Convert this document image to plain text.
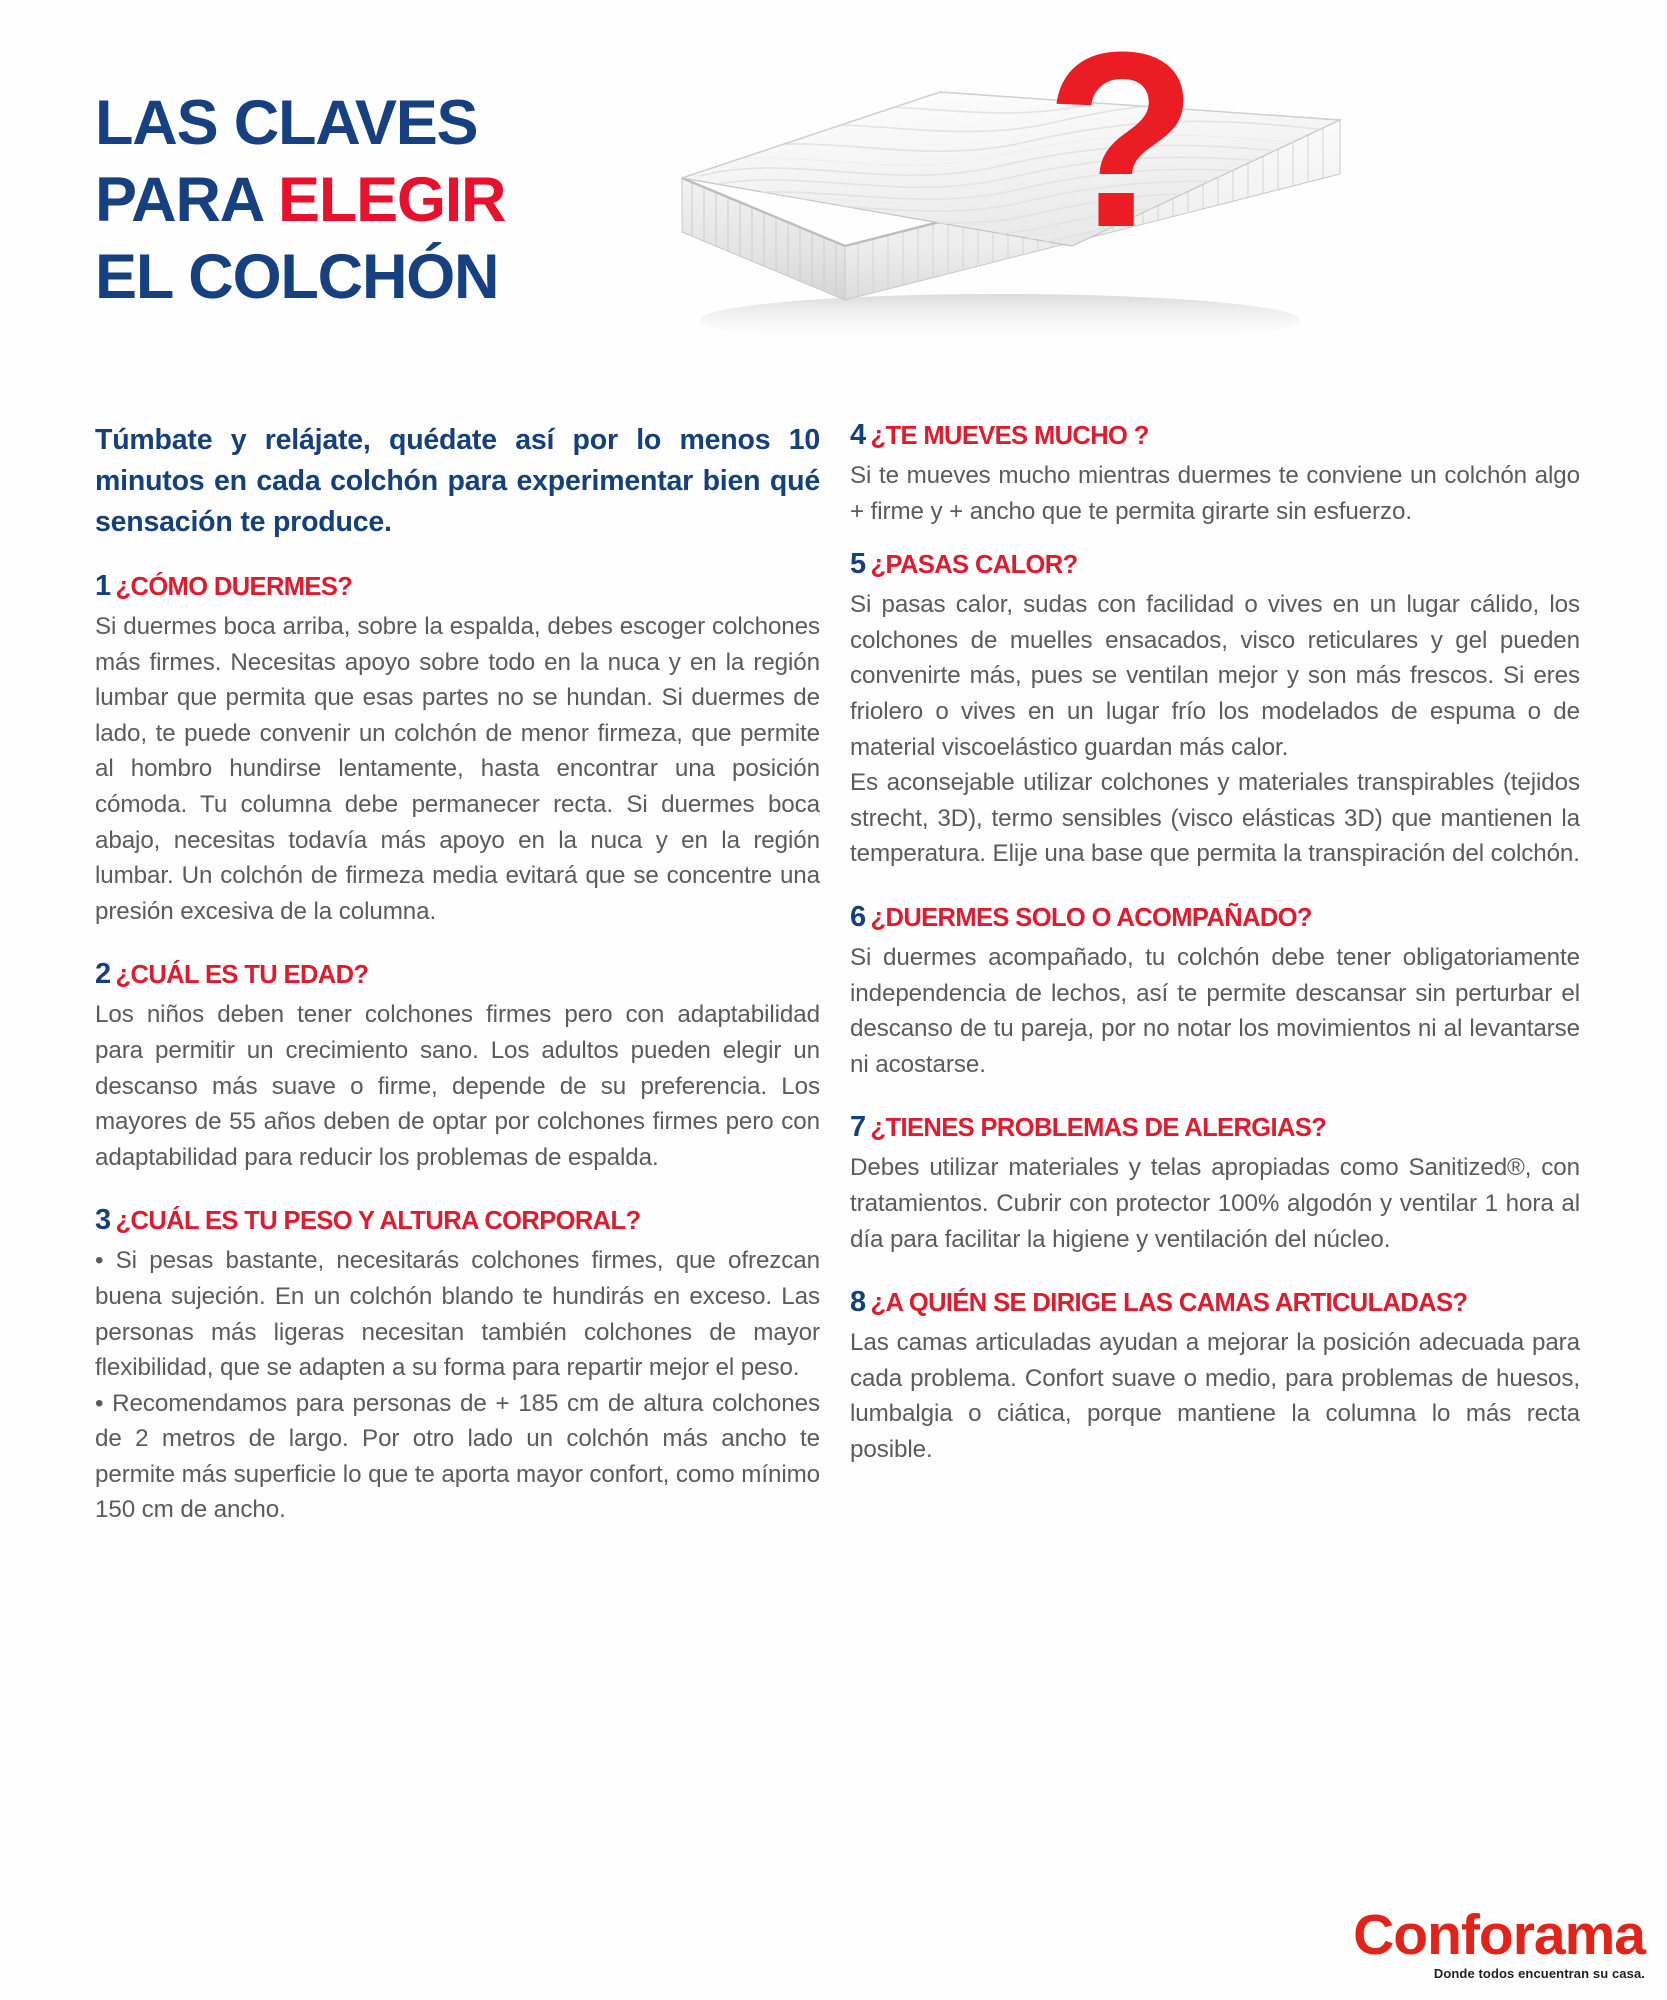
LAS CLAVES
PARA ELEGIR
EL COLCHÓN	?

Túmbate y relájate, quédate así por lo menos 10 minutos en cada colchón para experimentar bien qué sensación te produce.

1 ¿CÓMO DUERMES?
Si duermes boca arriba, sobre la espalda, debes escoger colchones más firmes. Necesitas apoyo sobre todo en la nuca y en la región lumbar que permita que esas partes no se hundan. Si duermes de lado, te puede convenir un colchón de menor firmeza, que permite al hombro hundirse lentamente, hasta encontrar una posición cómoda. Tu columna debe permanecer recta. Si duermes boca abajo, necesitas todavía más apoyo en la nuca y en la región lumbar. Un colchón de firmeza media evitará que se concentre una presión excesiva de la columna.
2 ¿CUÁL ES TU EDAD?
Los niños deben tener colchones firmes pero con adaptabilidad para permitir un crecimiento sano. Los adultos pueden elegir un descanso más suave o firme, depende de su preferencia. Los mayores de 55 años deben de optar por colchones firmes pero con adaptabilidad para reducir los problemas de espalda.
3 ¿CUÁL ES TU PESO Y ALTURA CORPORAL?
• Si pesas bastante, necesitarás colchones firmes, que ofrezcan buena sujeción. En un colchón blando te hundirás en exceso. Las personas más ligeras necesitan también colchones de mayor flexibilidad, que se adapten a su forma para repartir mejor el peso.
• Recomendamos para personas de + 185 cm de altura colchones de 2 metros de largo. Por otro lado un colchón más ancho te permite más superficie lo que te aporta mayor confort, como mínimo 150 cm de ancho.
4 ¿TE MUEVES MUCHO ?
Si te mueves mucho mientras duermes te conviene un colchón algo + firme y + ancho que te permita girarte sin esfuerzo.
5 ¿PASAS CALOR?
Si pasas calor, sudas con facilidad o vives en un lugar cálido, los colchones de muelles ensacados, visco reticulares y gel pueden convenirte más, pues se ventilan mejor y son más frescos. Si eres friolero o vives en un lugar frío los modelados de espuma o de material viscoelástico guardan más calor.
Es aconsejable utilizar colchones y materiales transpirables (tejidos strecht, 3D), termo sensibles (visco elásticas 3D) que mantienen la temperatura. Elije una base que permita la transpiración del colchón.
6 ¿DUERMES SOLO O ACOMPAÑADO?
Si duermes acompañado, tu colchón debe tener obligatoriamente independencia de lechos, así te permite descansar sin perturbar el descanso de tu pareja, por no notar los movimientos ni al levantarse ni acostarse.
7 ¿TIENES PROBLEMAS DE ALERGIAS?
Debes utilizar materiales y telas apropiadas como Sanitized®, con tratamientos. Cubrir con protector 100% algodón y ventilar 1 hora al día para facilitar la higiene y ventilación del núcleo.
8 ¿A QUIÉN SE DIRIGE LAS CAMAS ARTICULADAS?
Las camas articuladas ayudan a mejorar la posición adecuada para cada problema. Confort suave o medio, para problemas de huesos, lumbalgia o ciática, porque mantiene la columna lo más recta posible.
Conforama
Donde todos encuentran su casa.
